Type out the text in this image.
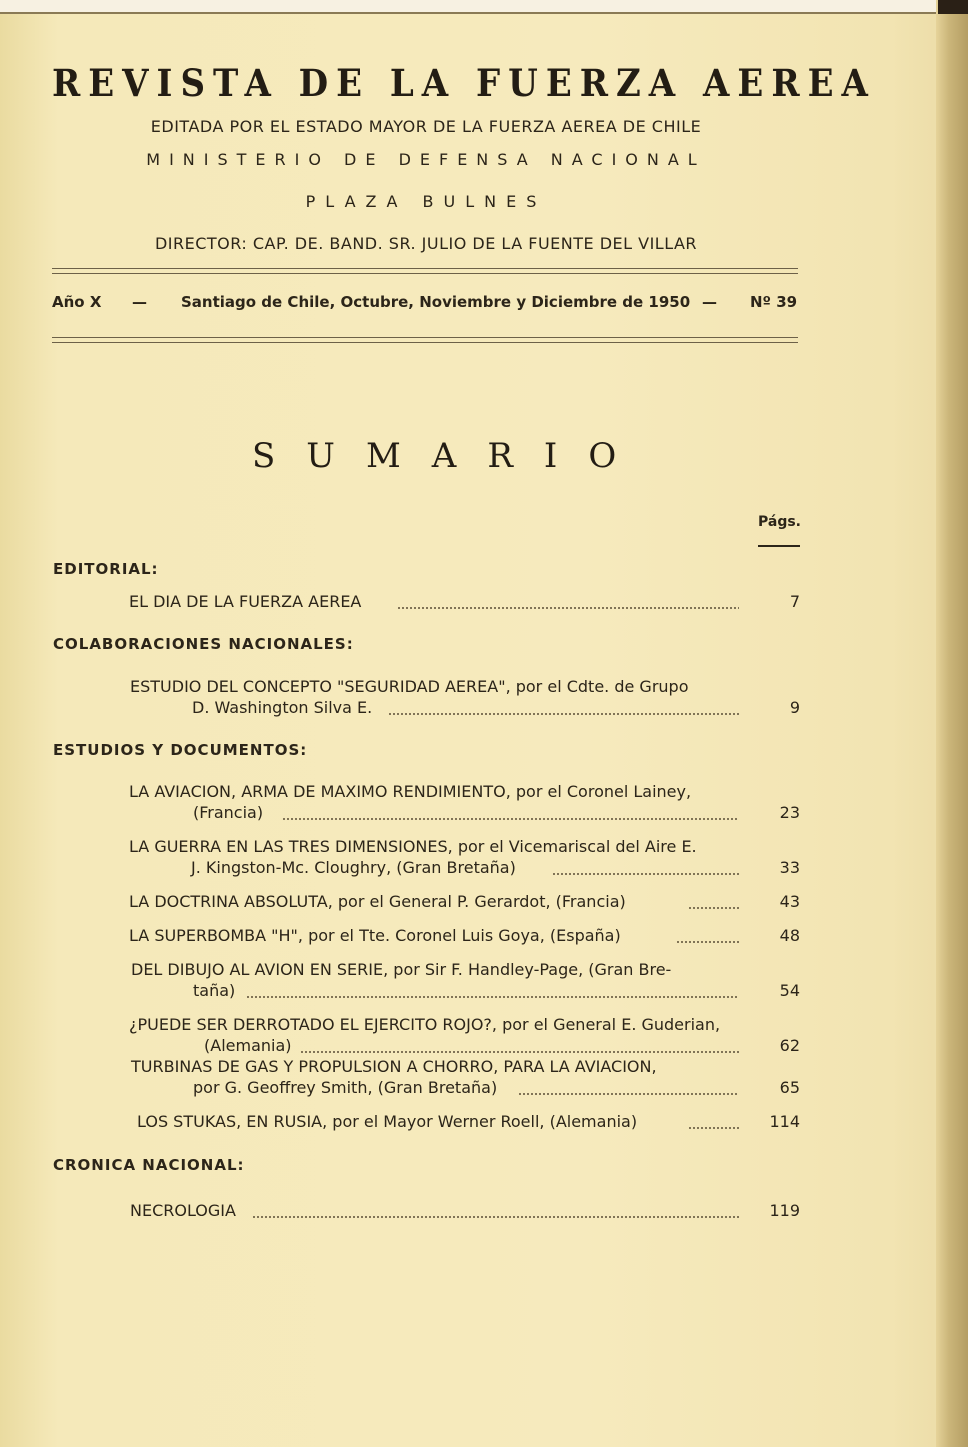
REVISTA DE LA FUERZA AEREA
EDITADA POR EL ESTADO MAYOR DE LA FUERZA AEREA DE CHILE
MINISTERIO DE DEFENSA NACIONAL
PLAZA BULNES
DIRECTOR: CAP. DE. BAND. SR. JULIO DE LA FUENTE DEL VILLAR
Año X — Santiago de Chile, Octubre, Noviembre y Diciembre de 1950 — Nº 39
SUMARIO
Págs.
EDITORIAL:
EL DIA DE LA FUERZA AEREA	7
COLABORACIONES NACIONALES:
ESTUDIO DEL CONCEPTO "SEGURIDAD AEREA", por el Cdte. de Grupo
D. Washington Silva E.	9
ESTUDIOS Y DOCUMENTOS:
LA AVIACION, ARMA DE MAXIMO RENDIMIENTO, por el Coronel Lainey,
(Francia)	23
LA GUERRA EN LAS TRES DIMENSIONES, por el Vicemariscal del Aire E.
J. Kingston-Mc. Cloughry, (Gran Bretaña)	33
LA DOCTRINA ABSOLUTA, por el General P. Gerardot, (Francia)	43
LA SUPERBOMBA "H", por el Tte. Coronel Luis Goya, (España)	48
DEL DIBUJO AL AVION EN SERIE, por Sir F. Handley-Page, (Gran Bre-
taña)	54
¿PUEDE SER DERROTADO EL EJERCITO ROJO?, por el General E. Guderian,
(Alemania)	62
TURBINAS DE GAS Y PROPULSION A CHORRO, PARA LA AVIACION,
por G. Geoffrey Smith, (Gran Bretaña)	65
LOS STUKAS, EN RUSIA, por el Mayor Werner Roell, (Alemania)	114
CRONICA NACIONAL:
NECROLOGIA	119
